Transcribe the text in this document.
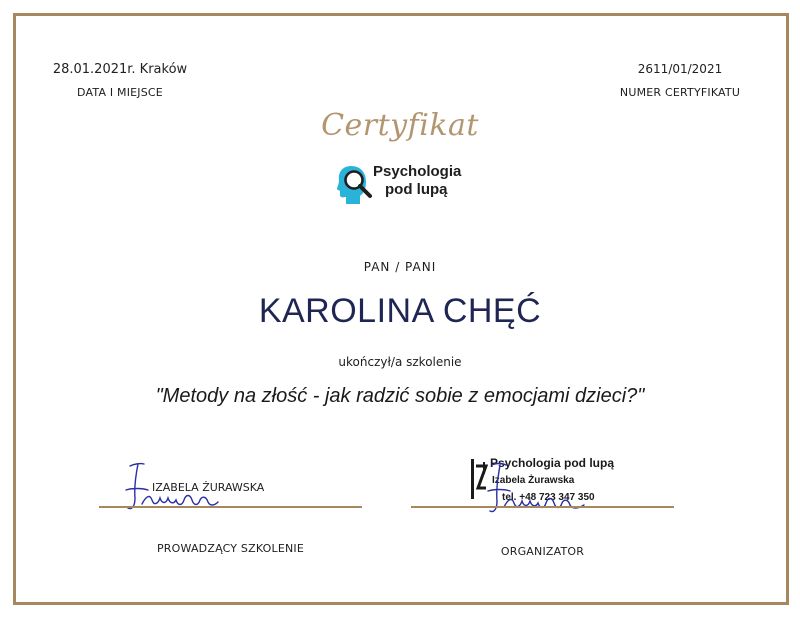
28.01.2021r. Kraków
DATA I MIEJSCE
2611/01/2021
NUMER CERTYFIKATU
Certyfikat
Psychologia
pod lupą
PAN / PANI
KAROLINA CHĘĆ
ukończył/a szkolenie
"Metody na złość - jak radzić sobie z emocjami dzieci?"
IZABELA ŻURAWSKA
PROWADZĄCY SZKOLENIE
Psychologia pod lupą
Izabela Żurawska
tel. +48 723 347 350
ORGANIZATOR
